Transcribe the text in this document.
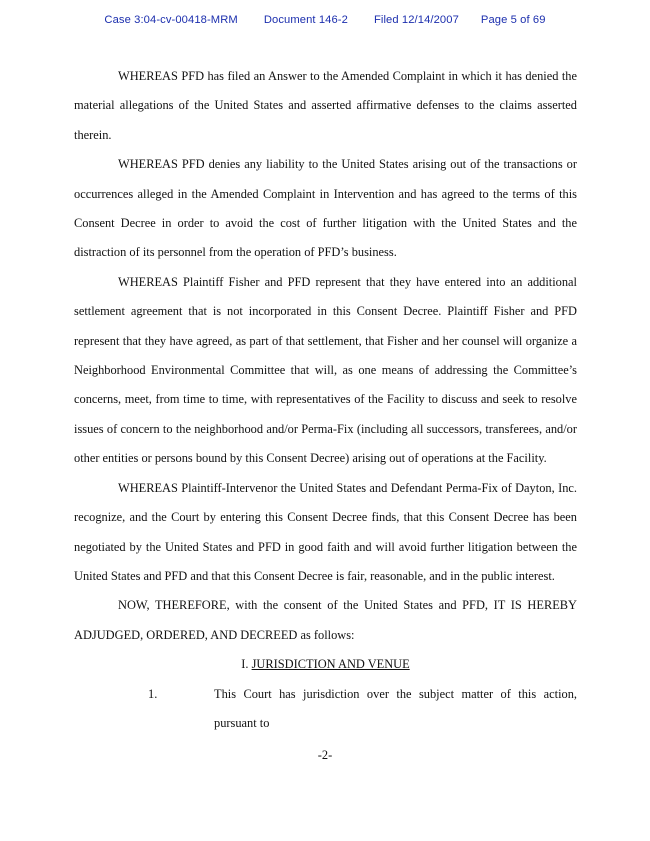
Case 3:04-cv-00418-MRM Document 146-2 Filed 12/14/2007 Page 5 of 69

WHEREAS PFD has filed an Answer to the Amended Complaint in which it has denied the material allegations of the United States and asserted affirmative defenses to the claims asserted therein.

WHEREAS PFD denies any liability to the United States arising out of the transactions or occurrences alleged in the Amended Complaint in Intervention and has agreed to the terms of this Consent Decree in order to avoid the cost of further litigation with the United States and the distraction of its personnel from the operation of PFD’s business.

WHEREAS Plaintiff Fisher and PFD represent that they have entered into an additional settlement agreement that is not incorporated in this Consent Decree. Plaintiff Fisher and PFD represent that they have agreed, as part of that settlement, that Fisher and her counsel will organize a Neighborhood Environmental Committee that will, as one means of addressing the Committee’s concerns, meet, from time to time, with representatives of the Facility to discuss and seek to resolve issues of concern to the neighborhood and/or Perma-Fix (including all successors, transferees, and/or other entities or persons bound by this Consent Decree) arising out of operations at the Facility.

WHEREAS Plaintiff-Intervenor the United States and Defendant Perma-Fix of Dayton, Inc. recognize, and the Court by entering this Consent Decree finds, that this Consent Decree has been negotiated by the United States and PFD in good faith and will avoid further litigation between the United States and PFD and that this Consent Decree is fair, reasonable, and in the public interest.

NOW, THEREFORE, with the consent of the United States and PFD, IT IS HEREBY ADJUDGED, ORDERED, AND DECREED as follows:

I. JURISDICTION AND VENUE

1.	This Court has jurisdiction over the subject matter of this action, pursuant to

-2-
